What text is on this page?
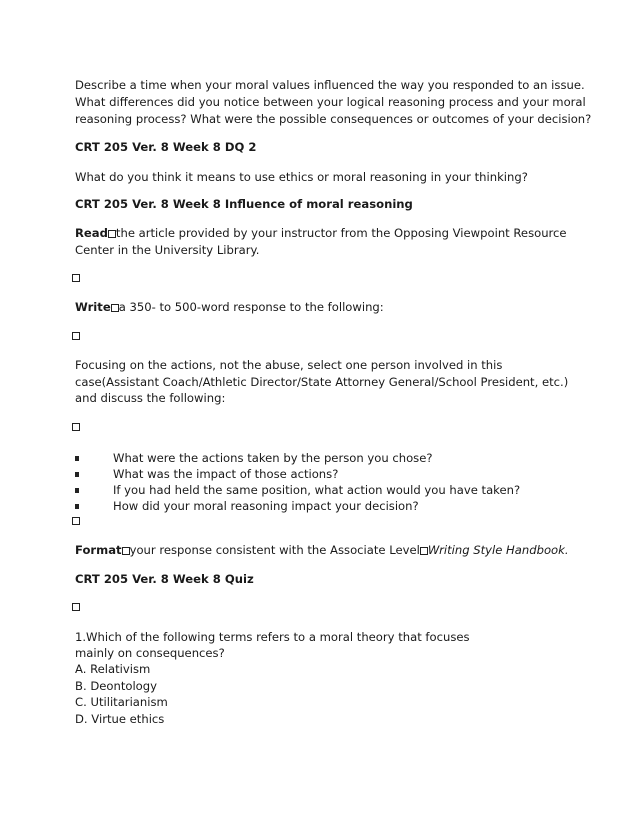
Describe a time when your moral values influenced the way you responded to an issue.
What differences did you notice between your logical reasoning process and your moral
reasoning process? What were the possible consequences or outcomes of your decision?
CRT 205 Ver. 8 Week 8 DQ 2
What do you think it means to use ethics or moral reasoning in your thinking?
CRT 205 Ver. 8 Week 8 Influence of moral reasoning
Read the article provided by your instructor from the Opposing Viewpoint Resource
Center in the University Library.
Write a 350- to 500-word response to the following:
Focusing on the actions, not the abuse, select one person involved in this
case(Assistant Coach/Athletic Director/State Attorney General/School President, etc.)
and discuss the following:
What were the actions taken by the person you chose?
What was the impact of those actions?
If you had held the same position, what action would you have taken?
How did your moral reasoning impact your decision?
Format your response consistent with the Associate Level Writing Style Handbook.
CRT 205 Ver. 8 Week 8 Quiz
1.Which of the following terms refers to a moral theory that focuses
mainly on consequences?
A. Relativism
B. Deontology
C. Utilitarianism
D. Virtue ethics
